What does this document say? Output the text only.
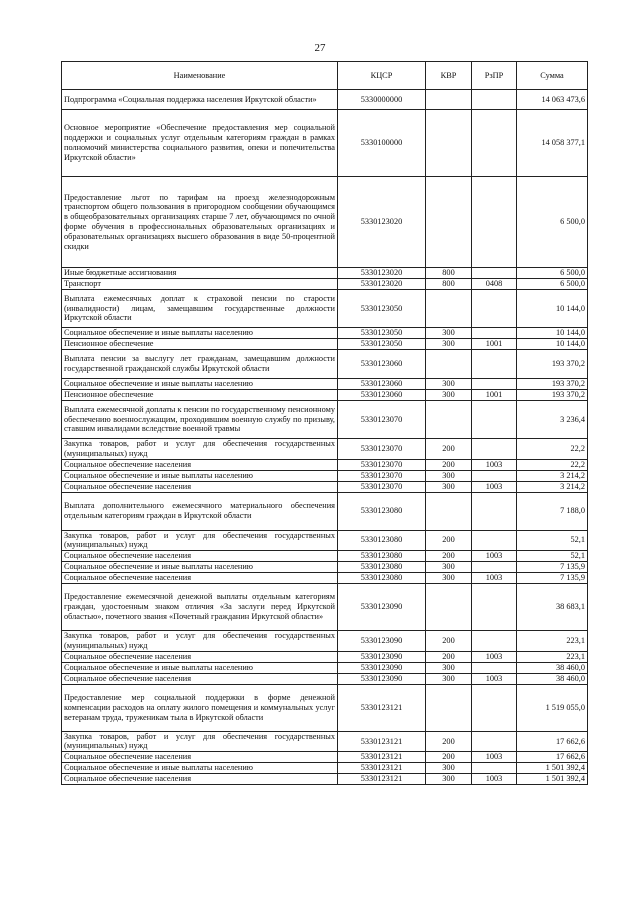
27
Наименование	КЦСР	КВР	РзПР	Сумма
Подпрограмма «Социальная поддержка населения Иркутской области»	5330000000			14 063 473,6
Основное мероприятие «Обеспечение предоставления мер социальной поддержки и социальных услуг отдельным категориям граждан в рамках полномочий министерства социального развития, опеки и попечительства Иркутской области»	5330100000			14 058 377,1
Предоставление льгот по тарифам на проезд железнодорожным транспортом общего пользования в пригородном сообщении обучающимся в общеобразовательных организациях старше 7 лет, обучающимся по очной форме обучения в профессиональных образовательных организациях и образовательных организациях высшего образования в виде 50-процентной скидки	5330123020			6 500,0
Иные бюджетные ассигнования	5330123020	800		6 500,0
Транспорт	5330123020	800	0408	6 500,0
Выплата ежемесячных доплат к страховой пенсии по старости (инвалидности) лицам, замещавшим государственные должности Иркутской области	5330123050			10 144,0
Социальное обеспечение и иные выплаты населению	5330123050	300		10 144,0
Пенсионное обеспечение	5330123050	300	1001	10 144,0
Выплата пенсии за выслугу лет гражданам, замещавшим должности государственной гражданской службы Иркутской области	5330123060			193 370,2
Социальное обеспечение и иные выплаты населению	5330123060	300		193 370,2
Пенсионное обеспечение	5330123060	300	1001	193 370,2
Выплата ежемесячной доплаты к пенсии по государственному пенсионному обеспечению военнослужащим, проходившим военную службу по призыву, ставшим инвалидами вследствие военной травмы	5330123070			3 236,4
Закупка товаров, работ и услуг для обеспечения государственных (муниципальных) нужд	5330123070	200		22,2
Социальное обеспечение населения	5330123070	200	1003	22,2
Социальное обеспечение и иные выплаты населению	5330123070	300		3 214,2
Социальное обеспечение населения	5330123070	300	1003	3 214,2
Выплата дополнительного ежемесячного материального обеспечения отдельным категориям граждан в Иркутской области	5330123080			7 188,0
Закупка товаров, работ и услуг для обеспечения государственных (муниципальных) нужд	5330123080	200		52,1
Социальное обеспечение населения	5330123080	200	1003	52,1
Социальное обеспечение и иные выплаты населению	5330123080	300		7 135,9
Социальное обеспечение населения	5330123080	300	1003	7 135,9
Предоставление ежемесячной денежной выплаты отдельным категориям граждан, удостоенным знаком отличия «За заслуги перед Иркутской областью», почетного звания «Почетный гражданин Иркутской области»	5330123090			38 683,1
Закупка товаров, работ и услуг для обеспечения государственных (муниципальных) нужд	5330123090	200		223,1
Социальное обеспечение населения	5330123090	200	1003	223,1
Социальное обеспечение и иные выплаты населению	5330123090	300		38 460,0
Социальное обеспечение населения	5330123090	300	1003	38 460,0
Предоставление мер социальной поддержки в форме денежной компенсации расходов на оплату жилого помещения и коммунальных услуг ветеранам труда, труженикам тыла в Иркутской области	5330123121			1 519 055,0
Закупка товаров, работ и услуг для обеспечения государственных (муниципальных) нужд	5330123121	200		17 662,6
Социальное обеспечение населения	5330123121	200	1003	17 662,6
Социальное обеспечение и иные выплаты населению	5330123121	300		1 501 392,4
Социальное обеспечение населения	5330123121	300	1003	1 501 392,4
